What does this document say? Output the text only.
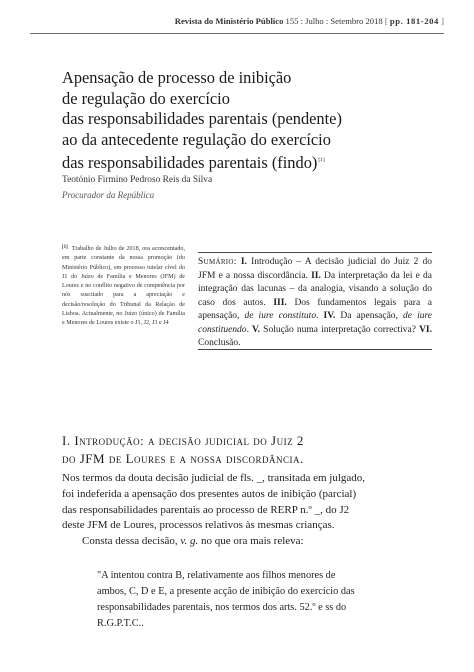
Revista do Ministério Público 155 : Julho : Setembro 2018 [ pp. 181-204 ]
Apensação de processo de inibição
de regulação do exercício
das responsabilidades parentais (pendente)
ao da antecedente regulação do exercício
das responsabilidades parentais (findo)[1]
Teotónio Firmino Pedroso Reis da Silva
Procurador da República
[1] Trabalho de Julho de 2018, ora acrescentado, em parte constante da nossa promoção (do Ministério Público), em processo tutelar cível do J1 do Juízo de Família e Menores (JFM) de Loures e no conflito negativo de competência por nós suscitado para a apreciação e decisão/resolução do Tribunal da Relação de Lisboa. Actualmente, no Juízo (único) de Família e Menores de Loures existe o J1, J2, J3 e J4
Sumário: I. Introdução – A decisão judicial do Juiz 2 do JFM e a nossa discordância. II. Da interpretação da lei e da integração das lacunas – da analogia, visando a solução do caso dos autos. III. Dos fundamentos legais para a apensação, de iure constituto. IV. Da apensação, de iure constituendo. V. Solução numa interpretação correctiva? VI. Conclusão.
I. Introdução: a decisão judicial do Juiz 2
do JFM de Loures e a nossa discordância.
Nos termos da douta decisão judicial de fls. _, transitada em julgado,
foi indeferida a apensação dos presentes autos de inibição (parcial)
das responsabilidades parentais ao processo de RERP n.º _, do J2
deste JFM de Loures, processos relativos às mesmas crianças.
Consta dessa decisão, v. g. no que ora mais releva:
"A intentou contra B, relativamente aos filhos menores de
ambos, C, D e E, a presente acção de inibição do exercício das
responsabilidades parentais, nos termos dos arts. 52.º e ss do
R.G.P.T.C..
